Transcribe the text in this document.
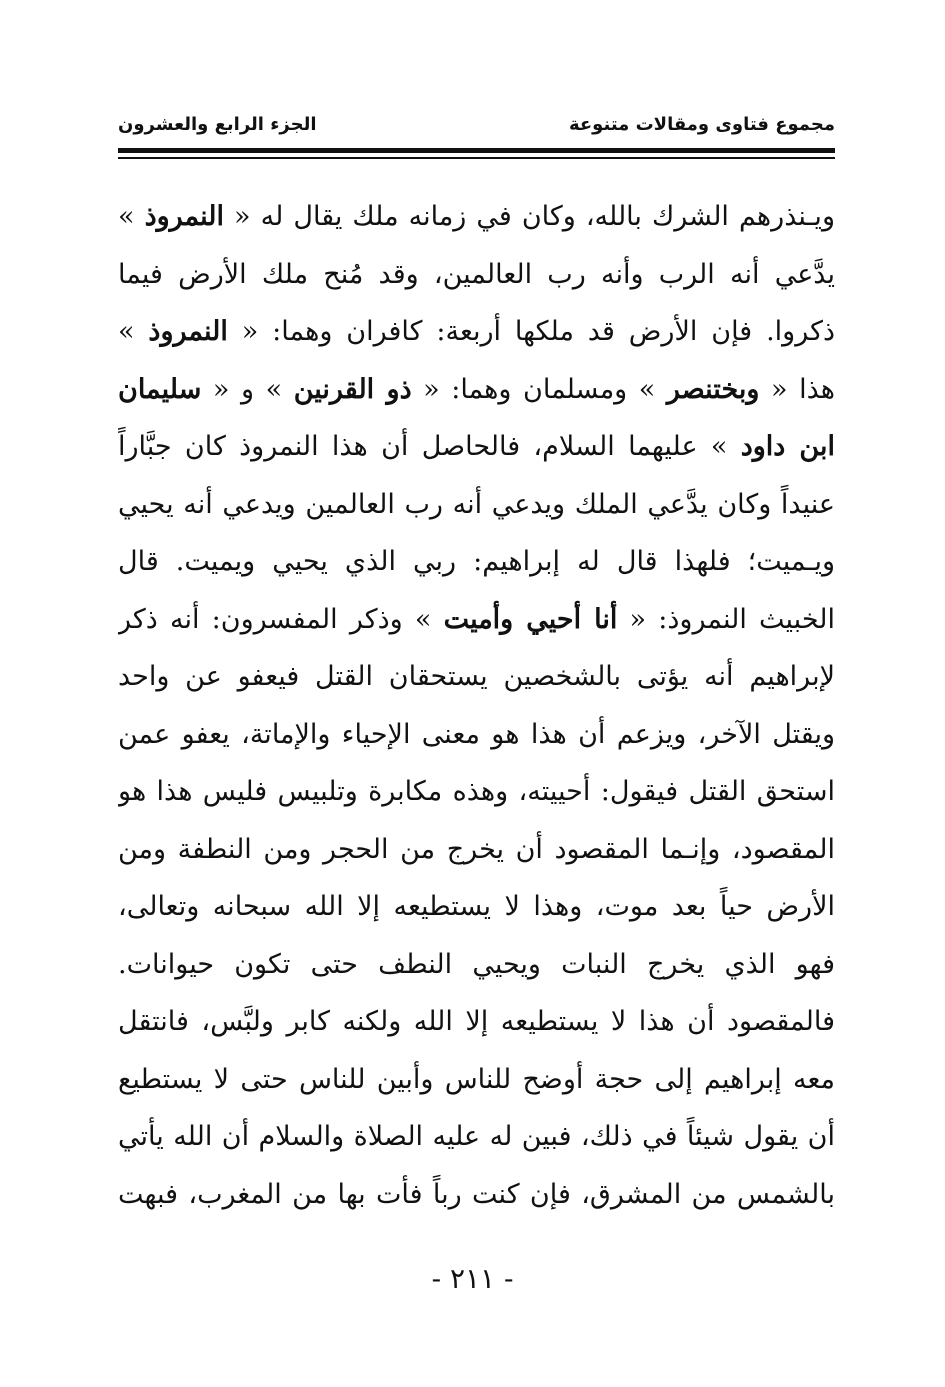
مجموع فتاوى ومقالات متنوعة
الجزء الرابع والعشرون
ويـنذرهم الشرك بالله، وكان في زمانه ملك يقال له « النمروذ »
يدَّعي أنه الرب وأنه رب العالمين، وقد مُنح ملك الأرض فيما
ذكروا. فإن الأرض قد ملكها أربعة: كافران وهما: « النمروذ »
هذا « وبختنصر » ومسلمان وهما: « ذو القرنين » و « سليمان
ابن داود » عليهما السلام، فالحاصل أن هذا النمروذ كان جبَّاراً
عنيداً وكان يدَّعي الملك ويدعي أنه رب العالمين ويدعي أنه يحيي
ويـميت؛ فلهذا قال له إبراهيم: ربي الذي يحيي ويميت. قال
الخبيث النمروذ: « أنا أحيي وأميت » وذكر المفسرون: أنه ذكر
لإبراهيم أنه يؤتى بالشخصين يستحقان القتل فيعفو عن واحد
ويقتل الآخر، ويزعم أن هذا هو معنى الإحياء والإماتة، يعفو عمن
استحق القتل فيقول: أحييته، وهذه مكابرة وتلبيس فليس هذا هو
المقصود، وإنـما المقصود أن يخرج من الحجر ومن النطفة ومن
الأرض حياً بعد موت، وهذا لا يستطيعه إلا الله سبحانه وتعالى،
فهو الذي يخرج النبات ويحيي النطف حتى تكون حيوانات.
فالمقصود أن هذا لا يستطيعه إلا الله ولكنه كابر ولبَّس، فانتقل
معه إبراهيم إلى حجة أوضح للناس وأبين للناس حتى لا يستطيع
أن يقول شيئاً في ذلك، فبين له عليه الصلاة والسلام أن الله يأتي
بالشمس من المشرق، فإن كنت رباً فأت بها من المغرب، فبهت
- ٢١١ -
